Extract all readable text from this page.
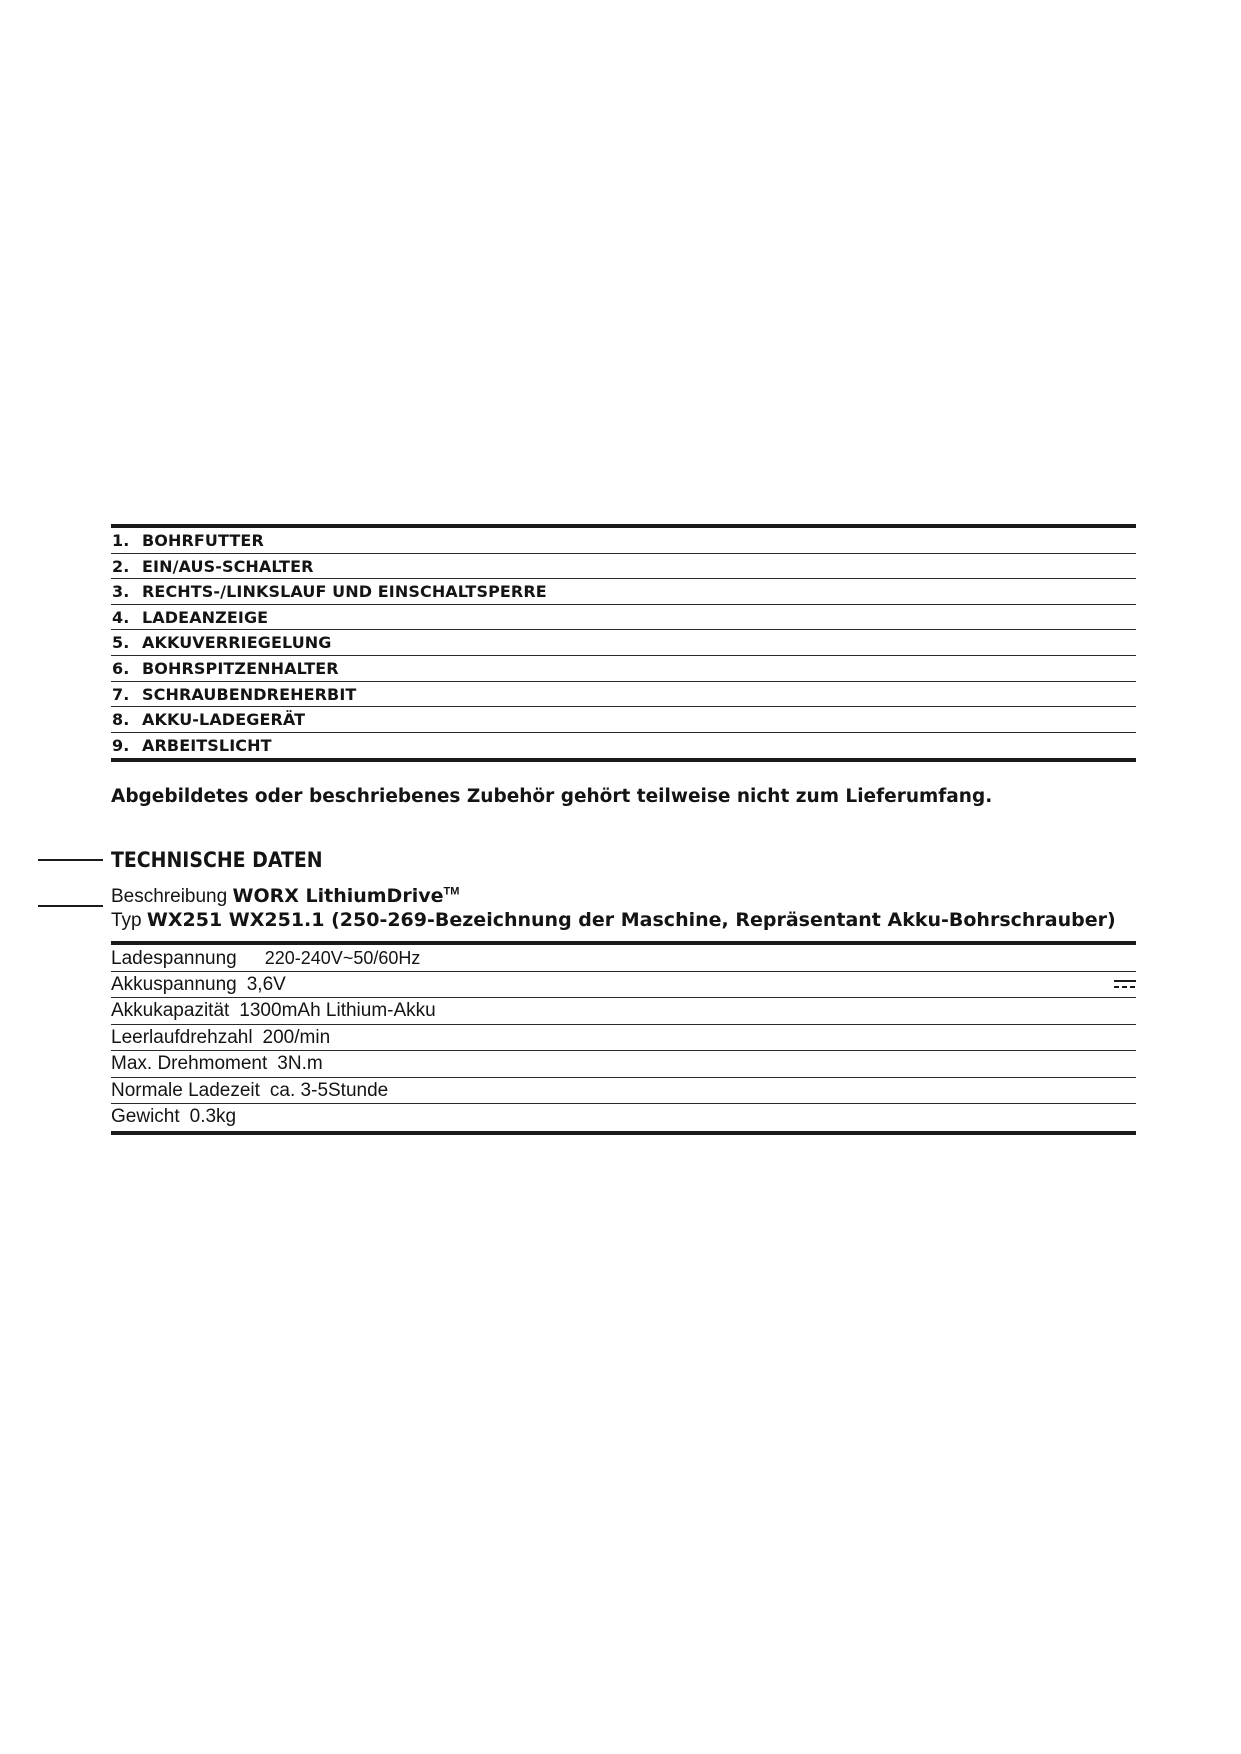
1. BOHRFUTTER
2. EIN/AUS-SCHALTER
3. RECHTS-/LINKSLAUF UND EINSCHALTSPERRE
4. LADEANZEIGE
5. AKKUVERRIEGELUNG
6. BOHRSPITZENHALTER
7. SCHRAUBENDREHERBIT
8. AKKU-LADEGERÄT
9. ARBEITSLICHT
Abgebildetes oder beschriebenes Zubehör gehört teilweise nicht zum Lieferumfang.
TECHNISCHE DATEN
Beschreibung WORX LithiumDrive™
Typ WX251 WX251.1 (250-269-Bezeichnung der Maschine, Repräsentant Akku-Bohrschrauber)
Ladespannung 220-240V~50/60Hz
Akkuspannung 3,6V
Akkukapazität 1300mAh Lithium-Akku
Leerlaufdrehzahl 200/min
Max. Drehmoment 3N.m
Normale Ladezeit ca. 3-5Stunde
Gewicht 0.3kg
